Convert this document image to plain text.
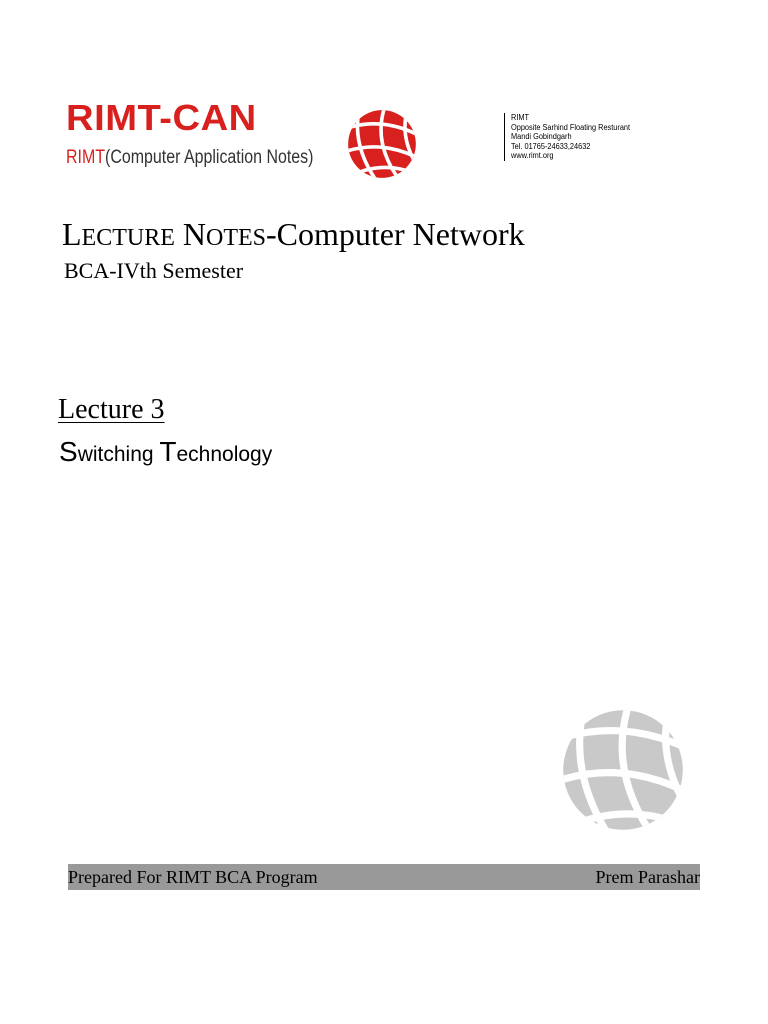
RIMT-CAN
RIMT(Computer Application Notes)
RIMT
Opposite Sarhind Floating Resturant
Mandi Gobindgarh
Tel. 01765-24633,24632
www.rimt.org
LECTURE NOTES-Computer Network
BCA-IVth Semester
Lecture 3
Switching Technology
Prepared For RIMT BCA Program	Prem Parashar
